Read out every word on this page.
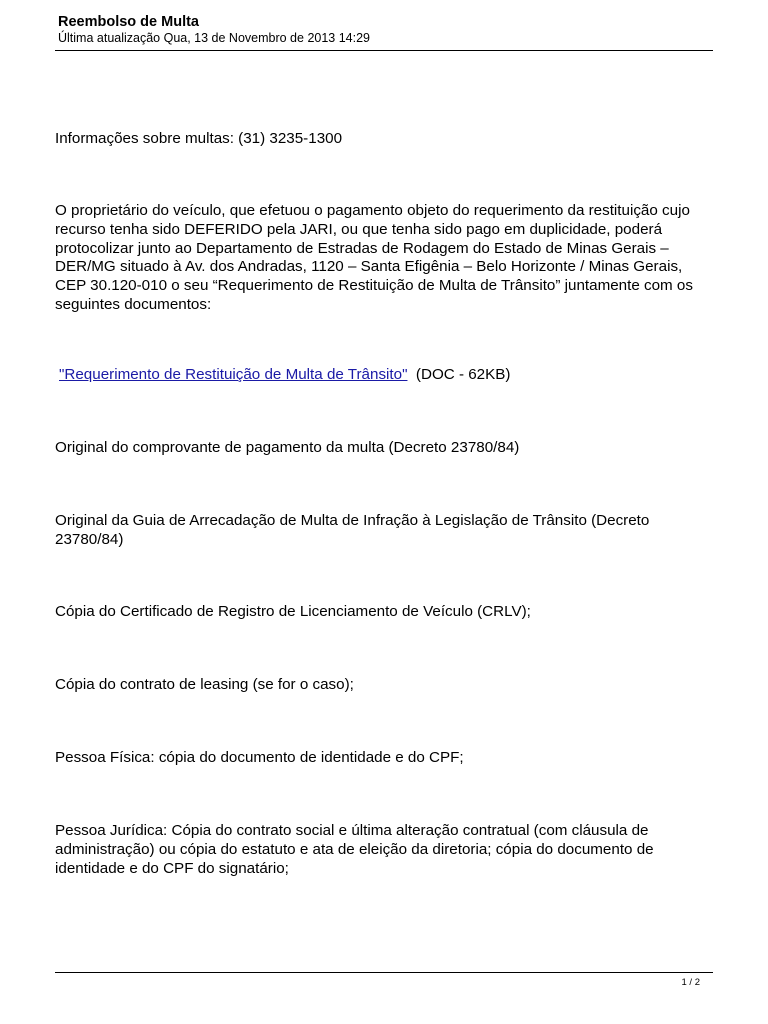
Reembolso de Multa
Última atualização Qua, 13 de Novembro de 2013 14:29

Informações sobre multas: (31) 3235-1300

O proprietário do veículo, que efetuou o pagamento objeto do requerimento da restituição cujo recurso tenha sido DEFERIDO pela JARI, ou que tenha sido pago em duplicidade, poderá protocolizar junto ao Departamento de Estradas de Rodagem do Estado de Minas Gerais – DER/MG situado à Av. dos Andradas, 1120 – Santa Efigênia – Belo Horizonte / Minas Gerais, CEP 30.120-010 o seu “Requerimento de Restituição de Multa de Trânsito” juntamente com os seguintes documentos:

"Requerimento de Restituição de Multa de Trânsito" (DOC - 62KB)

Original do comprovante de pagamento da multa (Decreto 23780/84)

Original da Guia de Arrecadação de Multa de Infração à Legislação de Trânsito (Decreto 23780/84)

Cópia do Certificado de Registro de Licenciamento de Veículo (CRLV);

Cópia do contrato de leasing (se for o caso);

Pessoa Física: cópia do documento de identidade e do CPF;

Pessoa Jurídica: Cópia do contrato social e última alteração contratual (com cláusula de administração) ou cópia do estatuto e ata de eleição da diretoria; cópia do documento de identidade e do CPF do signatário;

1 / 2
